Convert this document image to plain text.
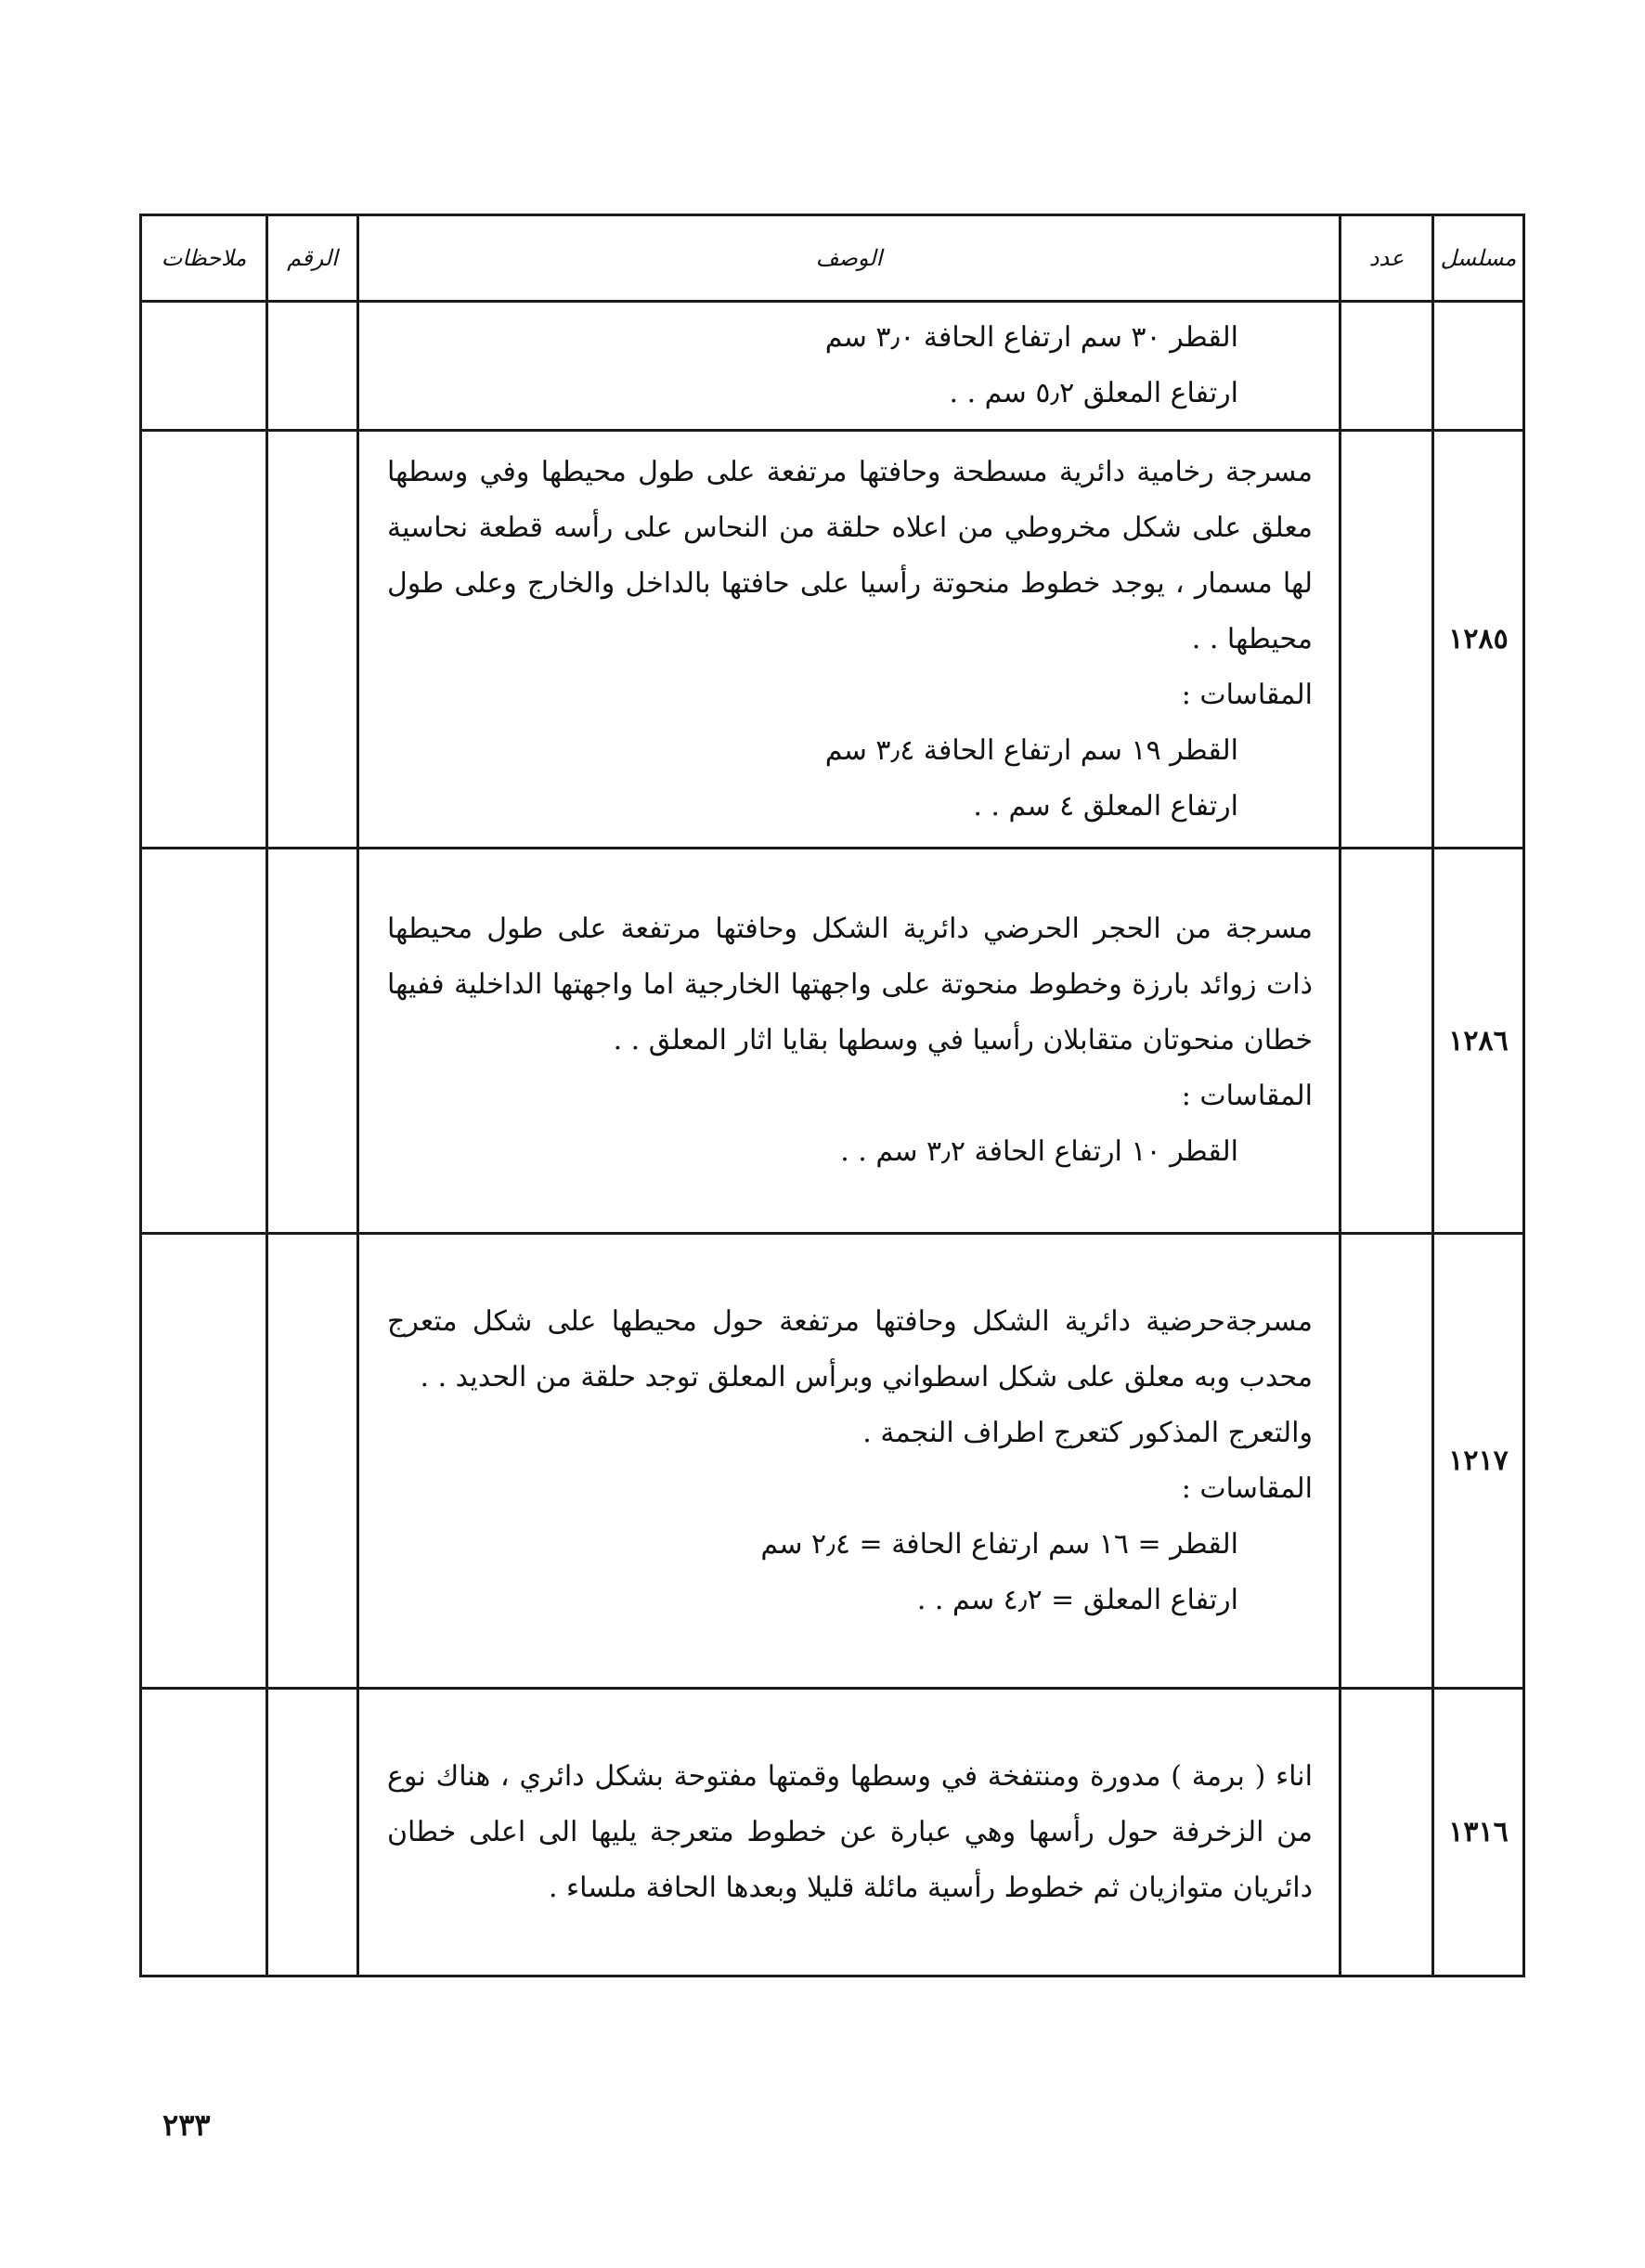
مسلسل	عدد	الوصف	الرقم	ملاحظات

		القطر ٣٠ سم ارتفاع الحافة ٣٫٠ سم
ارتفاع المعلق ٥٫٢ سم . .		

١٢٨٥		مسرجة رخامية دائرية مسطحة وحافتها مرتفعة على طول محيطها وفي وسطها معلق على شكل مخروطي من اعلاه حلقة من النحاس على رأسه قطعة نحاسية لها مسمار ، يوجد خطوط منحوتة رأسيا على حافتها بالداخل والخارج وعلى طول محيطها . .

المقاسات :
القطر ١٩ سم ارتفاع الحافة ٣٫٤ سم
ارتفاع المعلق ٤ سم . .		

١٢٨٦		مسرجة من الحجر الحرضي دائرية الشكل وحافتها مرتفعة على طول محيطها ذات زوائد بارزة وخطوط منحوتة على واجهتها الخارجية اما واجهتها الداخلية ففيها خطان منحوتان متقابلان رأسيا في وسطها بقايا اثار المعلق . .

المقاسات :
القطر ١٠ ارتفاع الحافة ٣٫٢ سم . .		

١٢١٧		مسرجةحرضية دائرية الشكل وحافتها مرتفعة حول محيطها على شكل متعرج محدب وبه معلق على شكل اسطواني وبرأس المعلق توجد حلقة من الحديد . .

والتعرج المذكور كتعرج اطراف النجمة .

المقاسات :
القطر = ١٦ سم ارتفاع الحافة = ٢٫٤ سم
ارتفاع المعلق = ٤٫٢ سم . .		

١٣١٦		اناء ( برمة ) مدورة ومنتفخة في وسطها وقمتها مفتوحة بشكل دائري ، هناك نوع من الزخرفة حول رأسها وهي عبارة عن خطوط متعرجة يليها الى اعلى خطان دائريان متوازيان ثم خطوط رأسية مائلة قليلا وبعدها الحافة ملساء .		

٢٣٣
